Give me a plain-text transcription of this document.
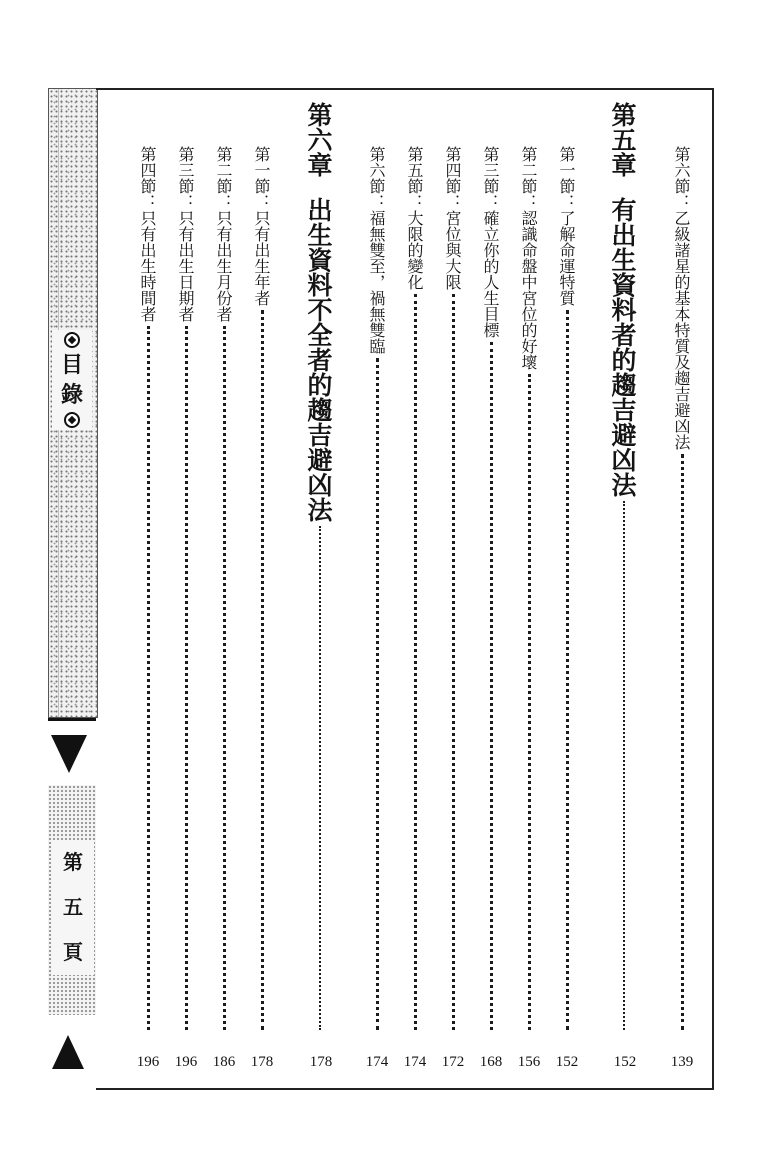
目
錄
第
五
頁
第六節：
乙級諸星的基本特質及趨吉避凶法
139
第五章
有出生資料者的趨吉避凶法
152
第一節：
了解命運特質
152
第二節：
認識命盤中宮位的好壞
156
第三節：
確立你的人生目標
168
第四節：
宮位與大限
172
第五節：
大限的變化
174
第六節：
福無雙至，禍無雙臨
174
第六章
出生資料不全者的趨吉避凶法
178
第一節：
只有出生年者
178
第二節：
只有出生月份者
186
第三節：
只有出生日期者
196
第四節：
只有出生時間者
196
